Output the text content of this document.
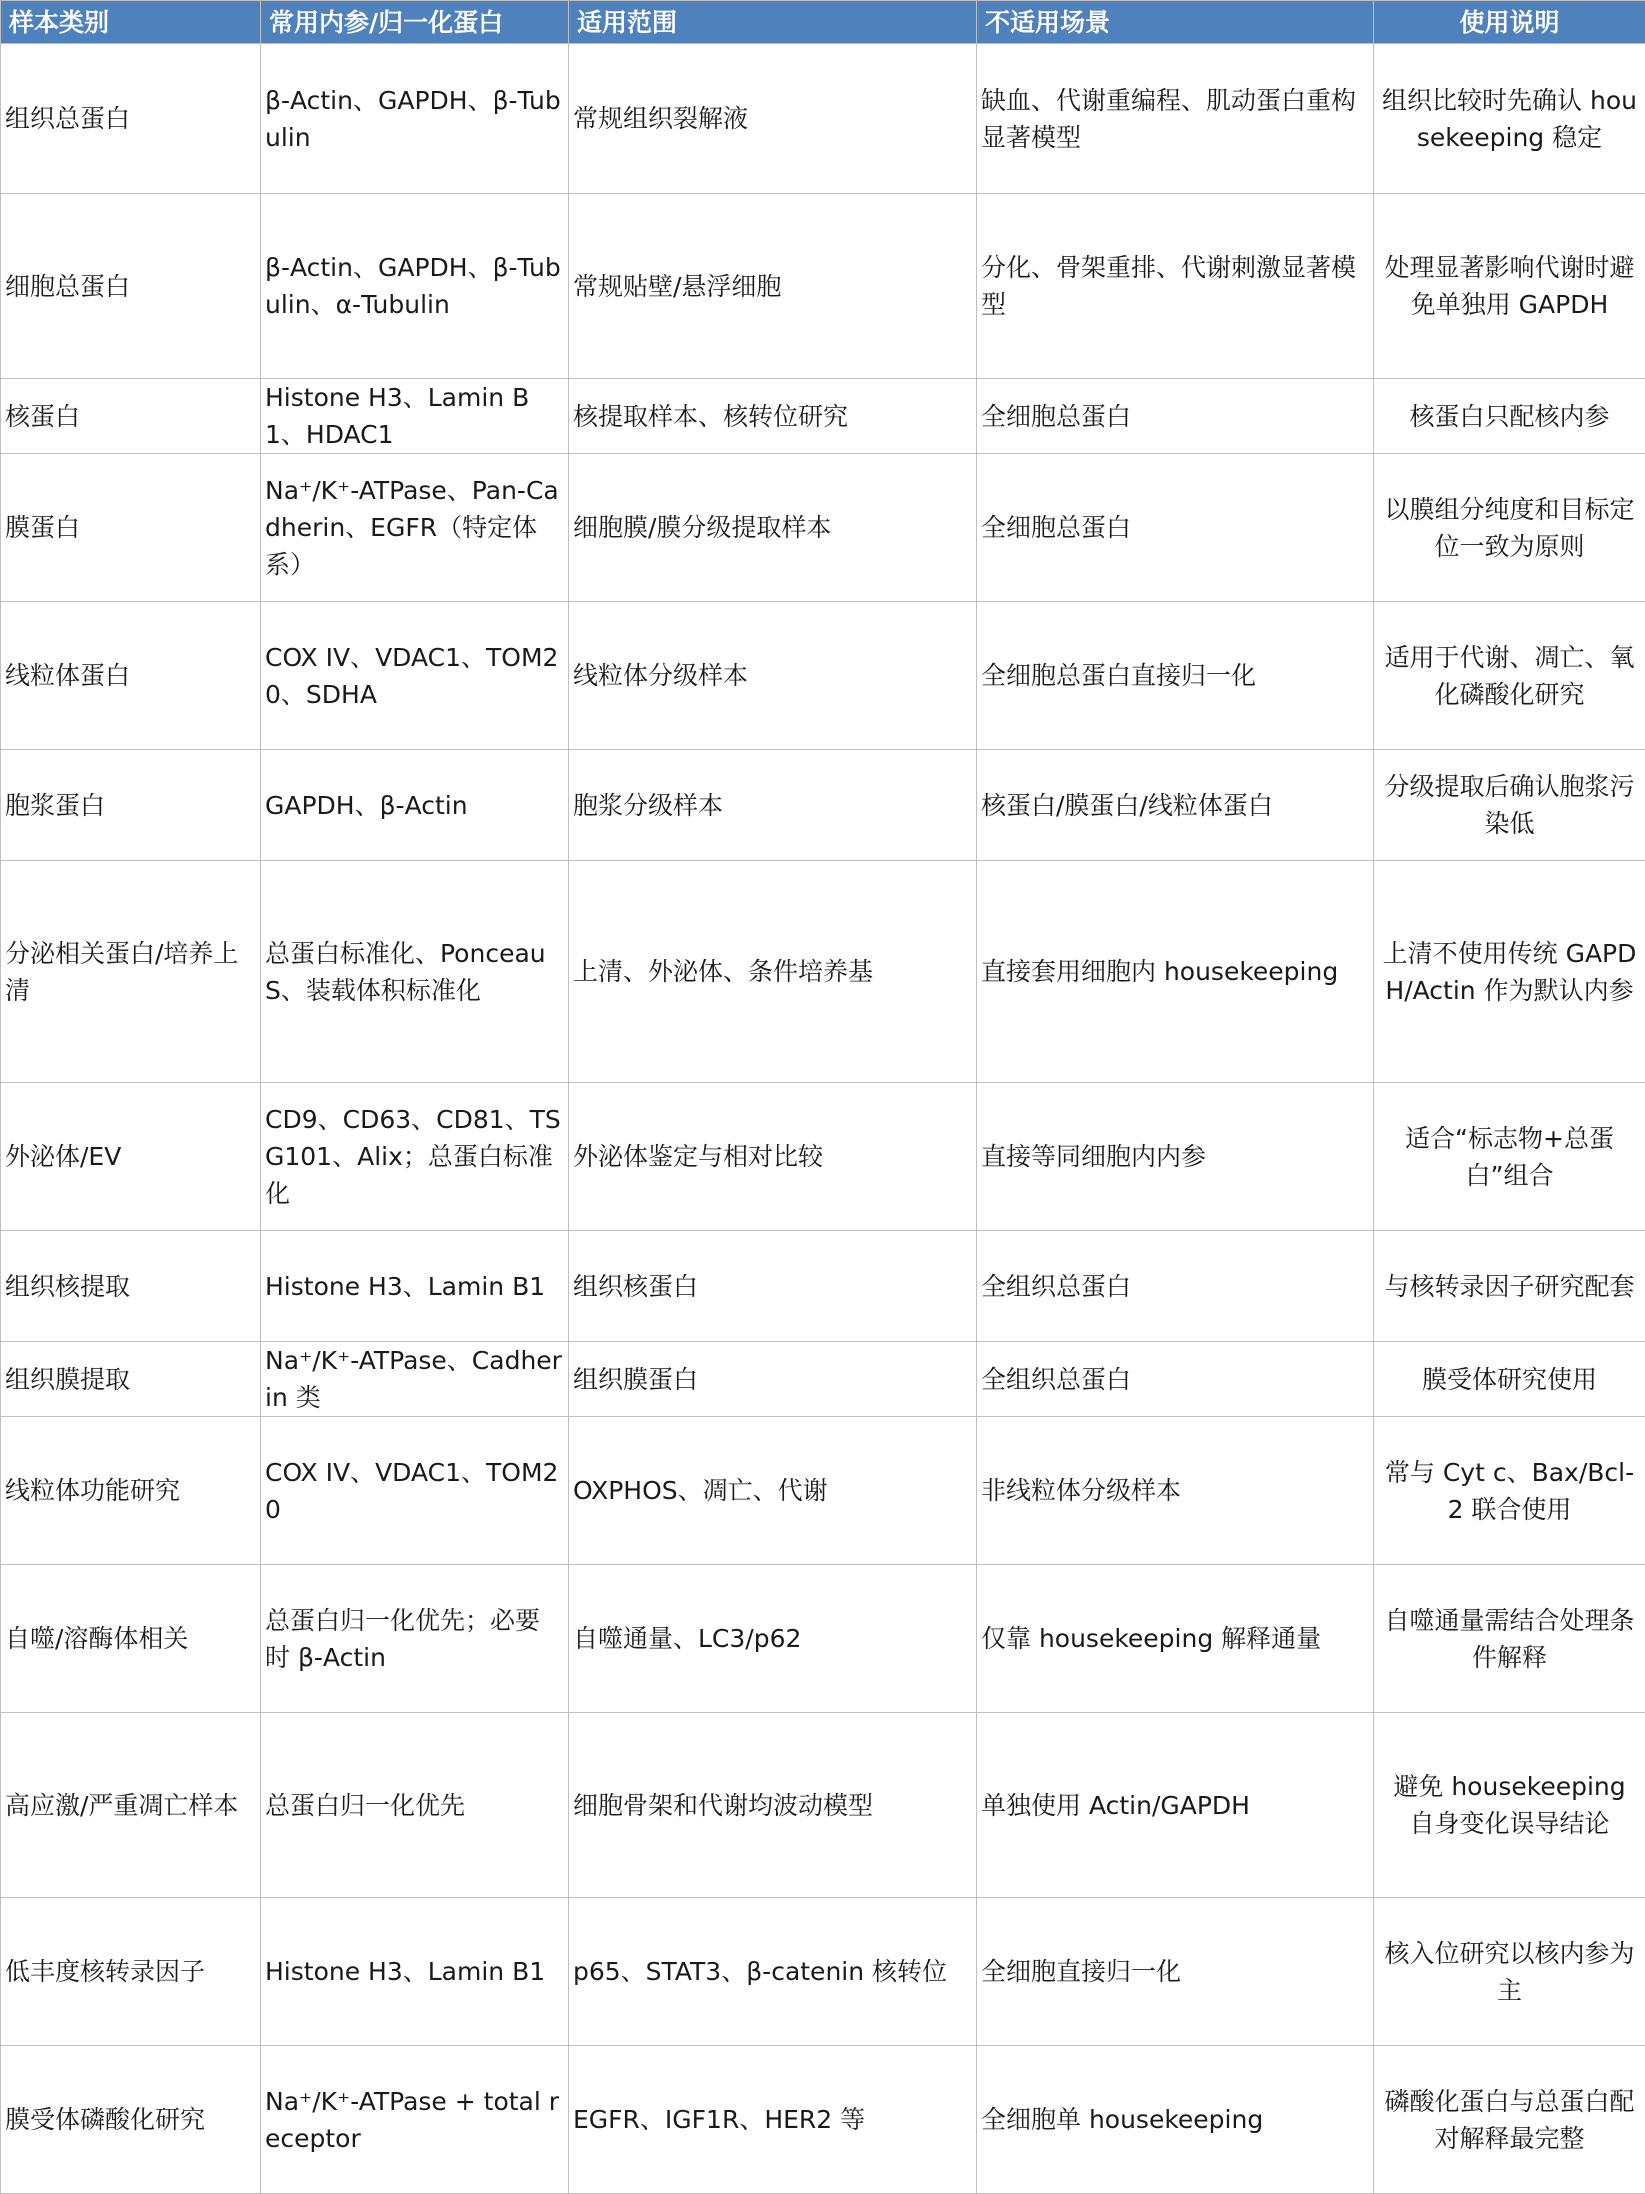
样本类别	常用内参/归一化蛋白	适用范围	不适用场景	使用说明
组织总蛋白	β-Actin、GAPDH、β-Tubulin	常规组织裂解液	缺血、代谢重编程、肌动蛋白重构显著模型	组织比较时先确认 housekeeping 稳定
细胞总蛋白	β-Actin、GAPDH、β-Tubulin、α-Tubulin	常规贴壁/悬浮细胞	分化、骨架重排、代谢刺激显著模型	处理显著影响代谢时避免单独用 GAPDH
核蛋白	Histone H3、Lamin B1、HDAC1	核提取样本、核转位研究	全细胞总蛋白	核蛋白只配核内参
膜蛋白	Na⁺/K⁺-ATPase、Pan-Cadherin、EGFR（特定体系）	细胞膜/膜分级提取样本	全细胞总蛋白	以膜组分纯度和目标定位一致为原则
线粒体蛋白	COX IV、VDAC1、TOM20、SDHA	线粒体分级样本	全细胞总蛋白直接归一化	适用于代谢、凋亡、氧化磷酸化研究
胞浆蛋白	GAPDH、β-Actin	胞浆分级样本	核蛋白/膜蛋白/线粒体蛋白	分级提取后确认胞浆污染低
分泌相关蛋白/培养上清	总蛋白标准化、Ponceau S、装载体积标准化	上清、外泌体、条件培养基	直接套用细胞内 housekeeping	上清不使用传统 GAPDH/Actin 作为默认内参
外泌体/EV	CD9、CD63、CD81、TSG101、Alix；总蛋白标准化	外泌体鉴定与相对比较	直接等同细胞内内参	适合“标志物+总蛋白”组合
组织核提取	Histone H3、Lamin B1	组织核蛋白	全组织总蛋白	与核转录因子研究配套
组织膜提取	Na⁺/K⁺-ATPase、Cadherin 类	组织膜蛋白	全组织总蛋白	膜受体研究使用
线粒体功能研究	COX IV、VDAC1、TOM20	OXPHOS、凋亡、代谢	非线粒体分级样本	常与 Cyt c、Bax/Bcl-2 联合使用
自噬/溶酶体相关	总蛋白归一化优先；必要时 β-Actin	自噬通量、LC3/p62	仅靠 housekeeping 解释通量	自噬通量需结合处理条件解释
高应激/严重凋亡样本	总蛋白归一化优先	细胞骨架和代谢均波动模型	单独使用 Actin/GAPDH	避免 housekeeping 自身变化误导结论
低丰度核转录因子	Histone H3、Lamin B1	p65、STAT3、β-catenin 核转位	全细胞直接归一化	核入位研究以核内参为主
膜受体磷酸化研究	Na⁺/K⁺-ATPase + total receptor	EGFR、IGF1R、HER2 等	全细胞单 housekeeping	磷酸化蛋白与总蛋白配对解释最完整
